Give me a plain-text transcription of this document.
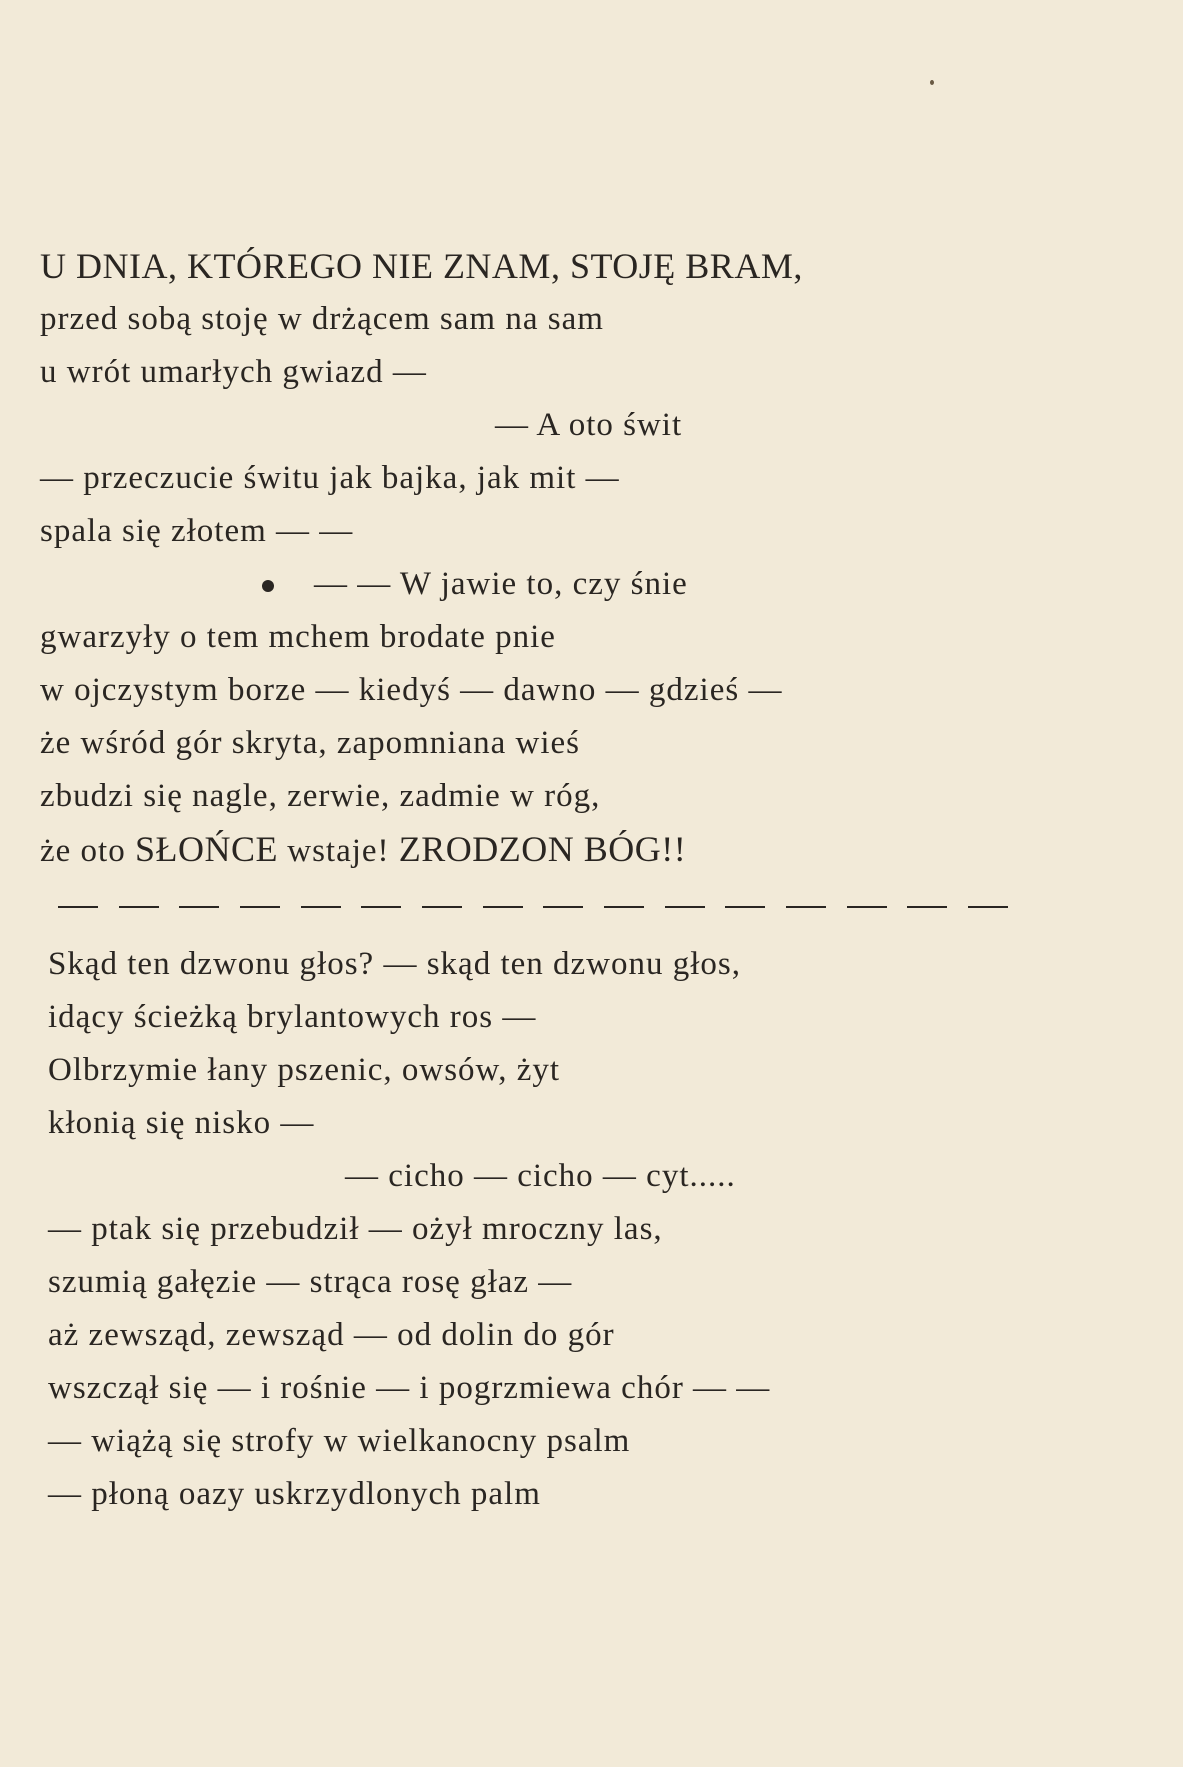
U DNIA, KTÓREGO NIE ZNAM, STOJĘ BRAM,
przed sobą stoję w drżącem sam na sam
u wrót umarłych gwiazd —
— A oto świt
— przeczucie świtu jak bajka, jak mit —
spala się złotem — —
— — W jawie to, czy śnie
gwarzyły o tem mchem brodate pnie
w ojczystym borze — kiedyś — dawno — gdzieś —
że wśród gór skryta, zapomniana wieś
zbudzi się nagle, zerwie, zadmie w róg,
że oto SŁOŃCE wstaje! ZRODZON BÓG!!
Skąd ten dzwonu głos? — skąd ten dzwonu głos,
idący ścieżką brylantowych ros —
Olbrzymie łany pszenic, owsów, żyt
kłonią się nisko —
— cicho — cicho — cyt.....
— ptak się przebudził — ożył mroczny las,
szumią gałęzie — strąca rosę głaz —
aż zewsząd, zewsząd — od dolin do gór
wszczął się — i rośnie — i pogrzmiewa chór — —
— wiążą się strofy w wielkanocny psalm
— płoną oazy uskrzydlonych palm
